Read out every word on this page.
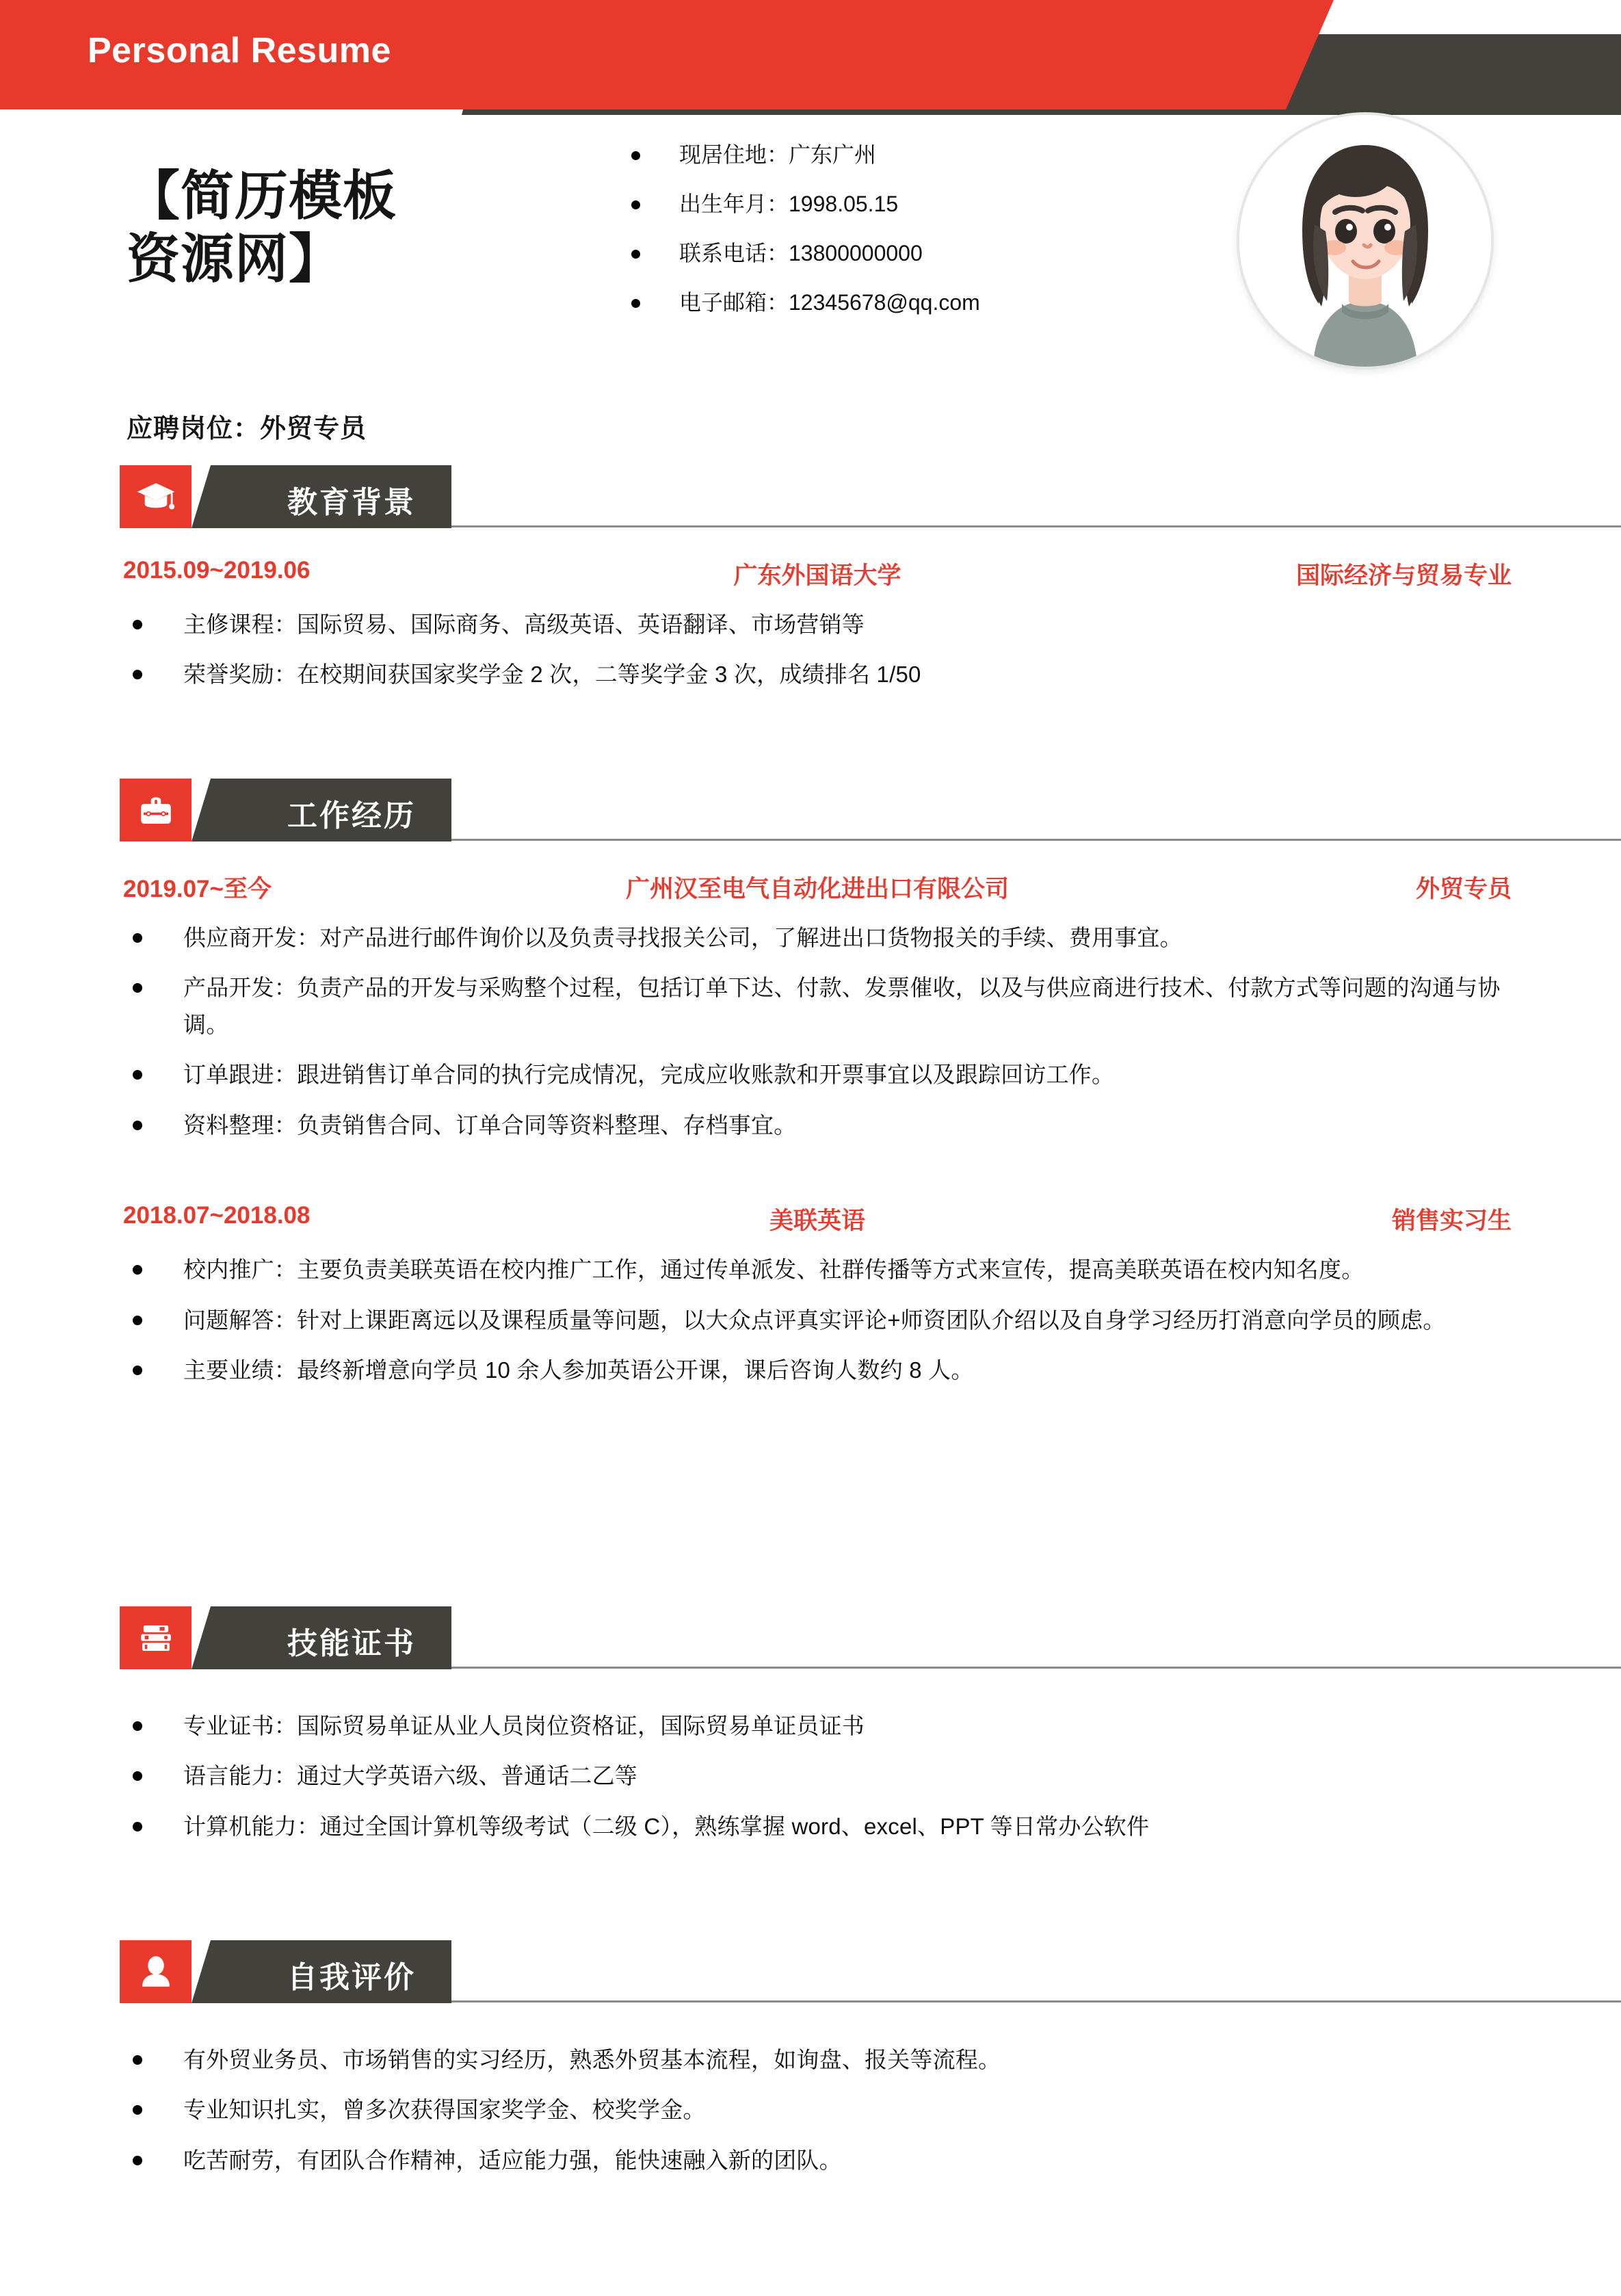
Personal Resume
【简历模板
资源网】
应聘岗位：外贸专员
现居住地：广东广州
出生年月：1998.05.15
联系电话：13800000000
电子邮箱：12345678@qq.com
教育背景
2015.09~2019.06	广东外国语大学	国际经济与贸易专业
主修课程：国际贸易、国际商务、高级英语、英语翻译、市场营销等
荣誉奖励：在校期间获国家奖学金 2 次，二等奖学金 3 次，成绩排名 1/50
工作经历
2019.07~至今	广州汉至电气自动化进出口有限公司	外贸专员
供应商开发：对产品进行邮件询价以及负责寻找报关公司，了解进出口货物报关的手续、费用事宜。
产品开发：负责产品的开发与采购整个过程，包括订单下达、付款、发票催收，以及与供应商进行技术、付款方式等问题的沟通与协调。
订单跟进：跟进销售订单合同的执行完成情况，完成应收账款和开票事宜以及跟踪回访工作。
资料整理：负责销售合同、订单合同等资料整理、存档事宜。
2018.07~2018.08	美联英语	销售实习生
校内推广：主要负责美联英语在校内推广工作，通过传单派发、社群传播等方式来宣传，提高美联英语在校内知名度。
问题解答：针对上课距离远以及课程质量等问题，以大众点评真实评论+师资团队介绍以及自身学习经历打消意向学员的顾虑。
主要业绩：最终新增意向学员 10 余人参加英语公开课，课后咨询人数约 8 人。
技能证书
专业证书：国际贸易单证从业人员岗位资格证，国际贸易单证员证书
语言能力：通过大学英语六级、普通话二乙等
计算机能力：通过全国计算机等级考试（二级 C），熟练掌握 word、excel、PPT 等日常办公软件
自我评价
有外贸业务员、市场销售的实习经历，熟悉外贸基本流程，如询盘、报关等流程。
专业知识扎实，曾多次获得国家奖学金、校奖学金。
吃苦耐劳，有团队合作精神，适应能力强，能快速融入新的团队。
